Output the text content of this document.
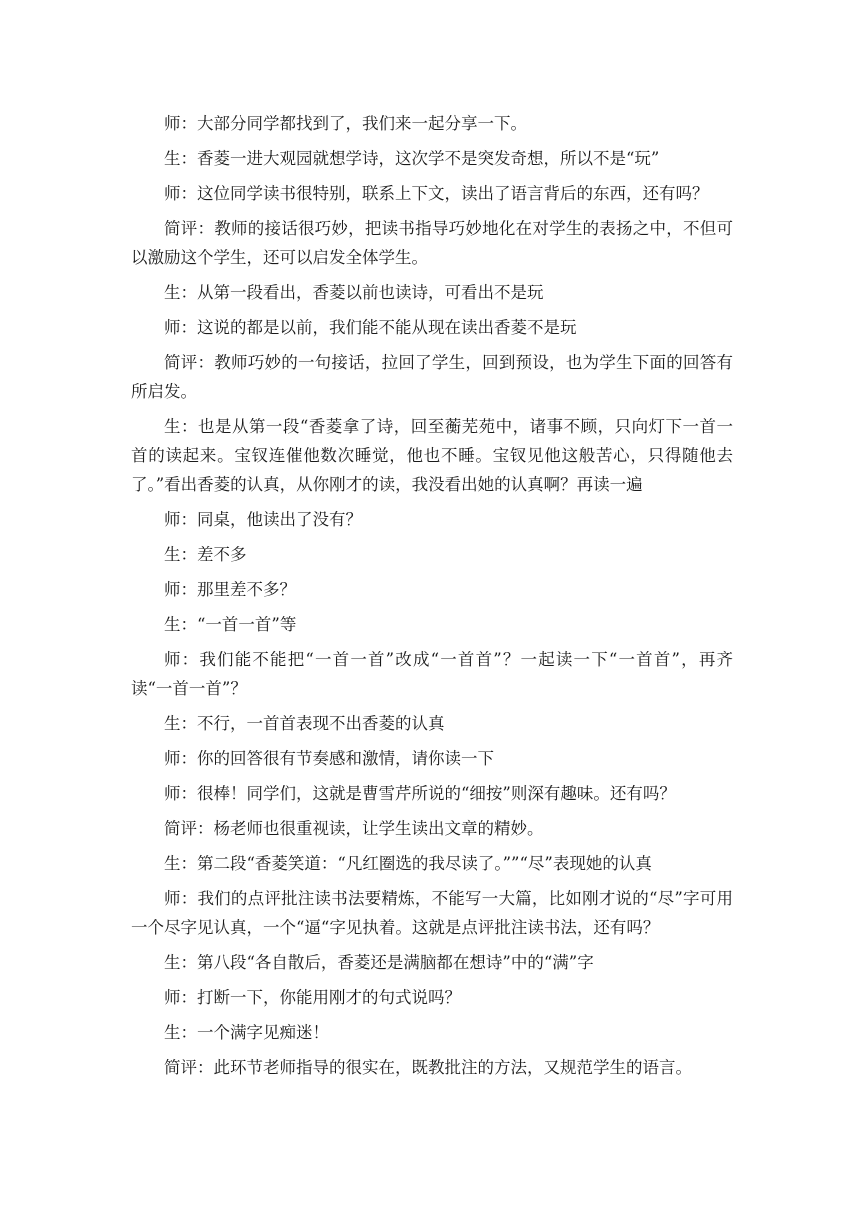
师：大部分同学都找到了，我们来一起分享一下。

生：香菱一进大观园就想学诗，这次学不是突发奇想，所以不是“玩”

师：这位同学读书很特别，联系上下文，读出了语言背后的东西，还有吗？

简评：教师的接话很巧妙，把读书指导巧妙地化在对学生的表扬之中，不但可以激励这个学生，还可以启发全体学生。

生：从第一段看出，香菱以前也读诗，可看出不是玩

师：这说的都是以前，我们能不能从现在读出香菱不是玩

简评：教师巧妙的一句接话，拉回了学生，回到预设，也为学生下面的回答有所启发。

生：也是从第一段“香菱拿了诗，回至蘅芜苑中，诸事不顾，只向灯下一首一首的读起来。宝钗连催他数次睡觉，他也不睡。宝钗见他这般苦心，只得随他去了。”看出香菱的认真，从你刚才的读，我没看出她的认真啊？再读一遍

师：同桌，他读出了没有？

生：差不多

师：那里差不多？

生：“一首一首”等

师：我们能不能把“一首一首”改成“一首首”？一起读一下“一首首”，再齐读“一首一首”？

生：不行，一首首表现不出香菱的认真

师：你的回答很有节奏感和激情，请你读一下

师：很棒！同学们，这就是曹雪芹所说的“细按”则深有趣味。还有吗？

简评：杨老师也很重视读，让学生读出文章的精妙。

生：第二段“香菱笑道：“凡红圈选的我尽读了。””“尽”表现她的认真

师：我们的点评批注读书法要精炼，不能写一大篇，比如刚才说的“尽”字可用一个尽字见认真，一个“逼“字见执着。这就是点评批注读书法，还有吗？

生：第八段“各自散后，香菱还是满脑都在想诗”中的“满”字

师：打断一下，你能用刚才的句式说吗？

生：一个满字见痴迷！

简评：此环节老师指导的很实在，既教批注的方法，又规范学生的语言。
